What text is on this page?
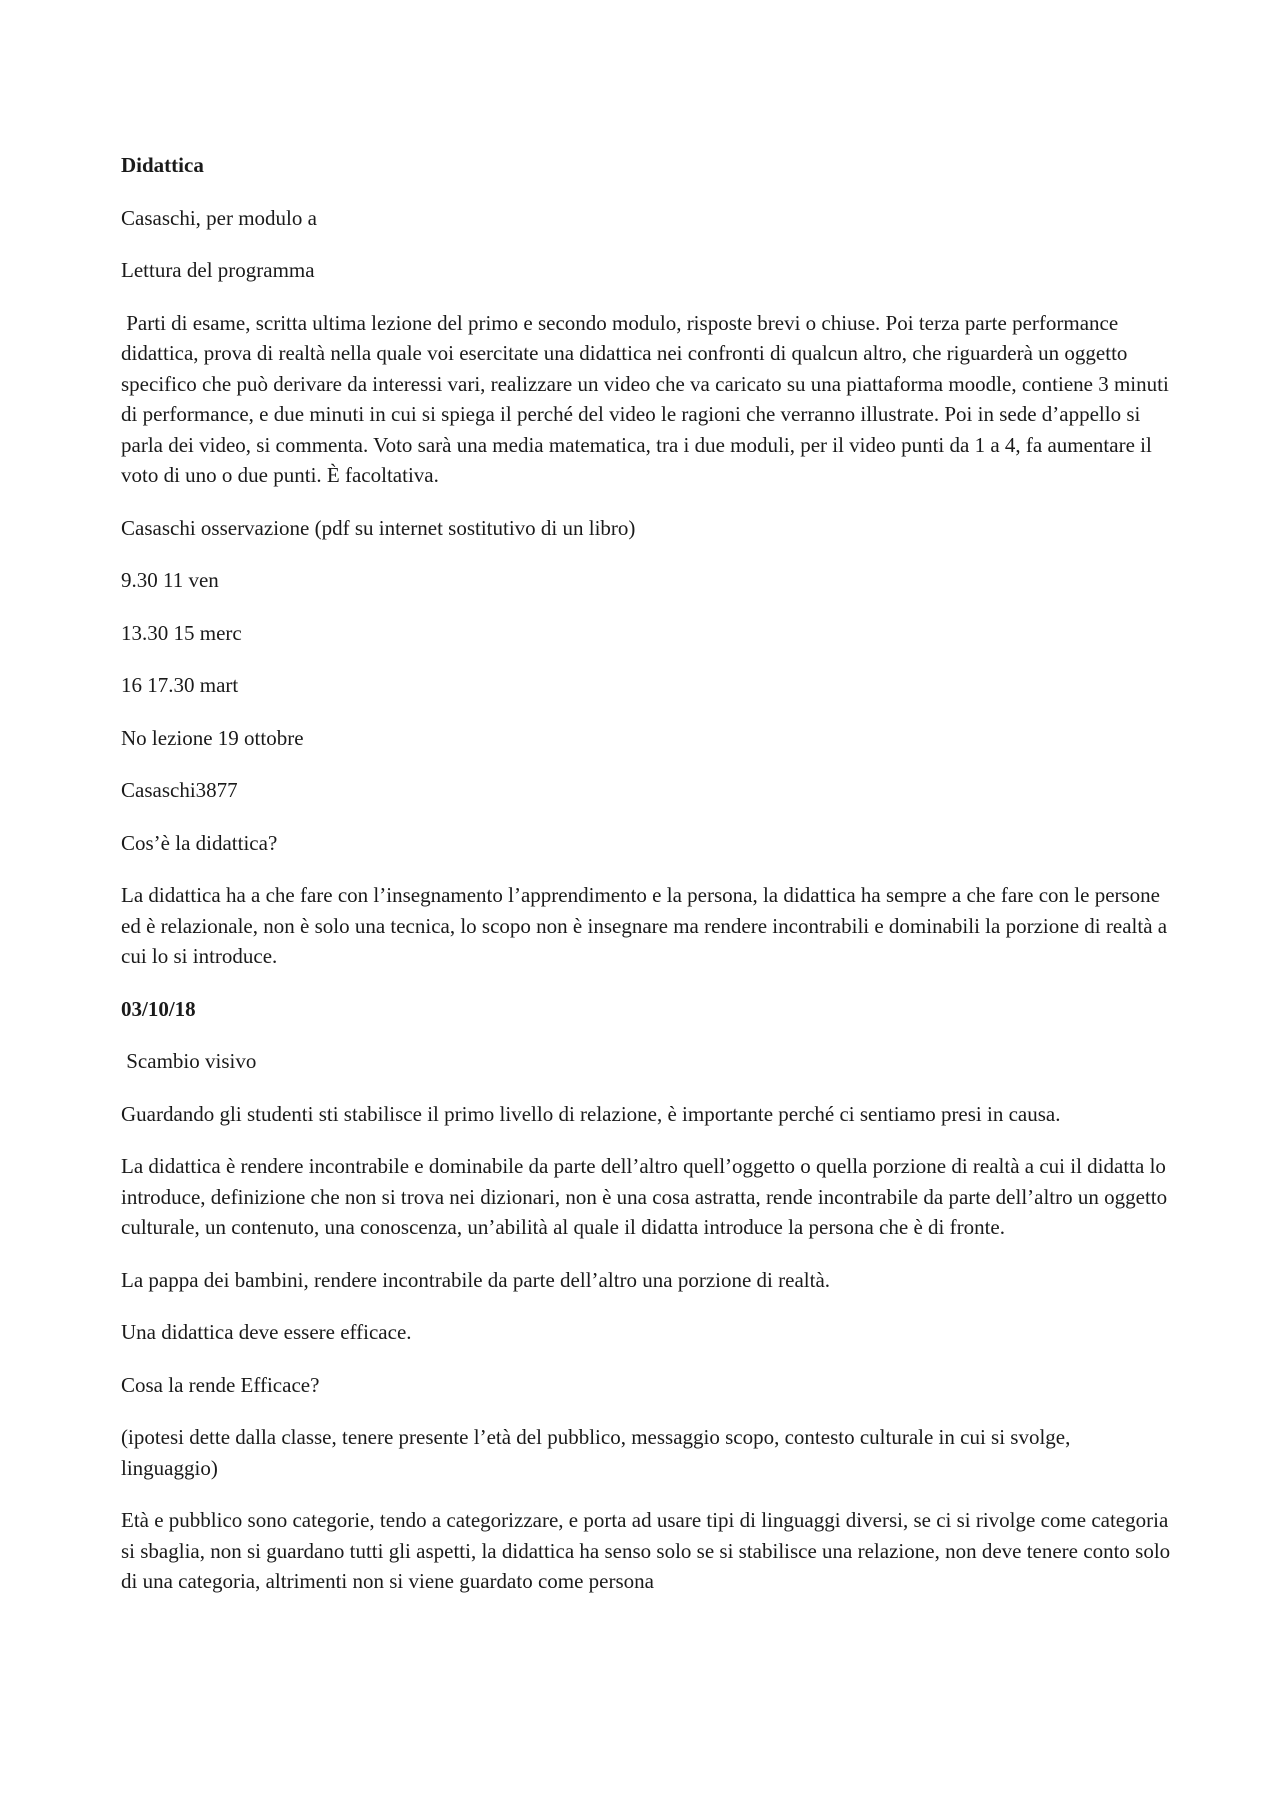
Didattica

Casaschi, per modulo a

Lettura del programma

Parti di esame, scritta ultima lezione del primo e secondo modulo, risposte brevi o chiuse. Poi terza parte performance didattica, prova di realtà nella quale voi esercitate una didattica nei confronti di qualcun altro, che riguarderà un oggetto specifico che può derivare da interessi vari, realizzare un video che va caricato su una piattaforma moodle, contiene 3 minuti di performance, e due minuti in cui si spiega il perché del video le ragioni che verranno illustrate. Poi in sede d’appello si parla dei video, si commenta. Voto sarà una media matematica, tra i due moduli, per il video punti da 1 a 4, fa aumentare il voto di uno o due punti. È facoltativa.

Casaschi osservazione (pdf su internet sostitutivo di un libro)

9.30 11 ven

13.30 15 merc

16 17.30 mart

No lezione 19 ottobre

Casaschi3877

Cos’è la didattica?

La didattica ha a che fare con l’insegnamento l’apprendimento e la persona, la didattica ha sempre a che fare con le persone ed è relazionale, non è solo una tecnica, lo scopo non è insegnare ma rendere incontrabili e dominabili la porzione di realtà a cui lo si introduce.

03/10/18

Scambio visivo

Guardando gli studenti sti stabilisce il primo livello di relazione, è importante perché ci sentiamo presi in causa.

La didattica è rendere incontrabile e dominabile da parte dell’altro quell’oggetto o quella porzione di realtà a cui il didatta lo introduce, definizione che non si trova nei dizionari, non è una cosa astratta, rende incontrabile da parte dell’altro un oggetto culturale, un contenuto, una conoscenza, un’abilità al quale il didatta introduce la persona che è di fronte.

La pappa dei bambini, rendere incontrabile da parte dell’altro una porzione di realtà.

Una didattica deve essere efficace.

Cosa la rende Efficace?

(ipotesi dette dalla classe, tenere presente l’età del pubblico, messaggio scopo, contesto culturale in cui si svolge, linguaggio)

Età e pubblico sono categorie, tendo a categorizzare, e porta ad usare tipi di linguaggi diversi, se ci si rivolge come categoria si sbaglia, non si guardano tutti gli aspetti, la didattica ha senso solo se si stabilisce una relazione, non deve tenere conto solo di una categoria, altrimenti non si viene guardato come persona
